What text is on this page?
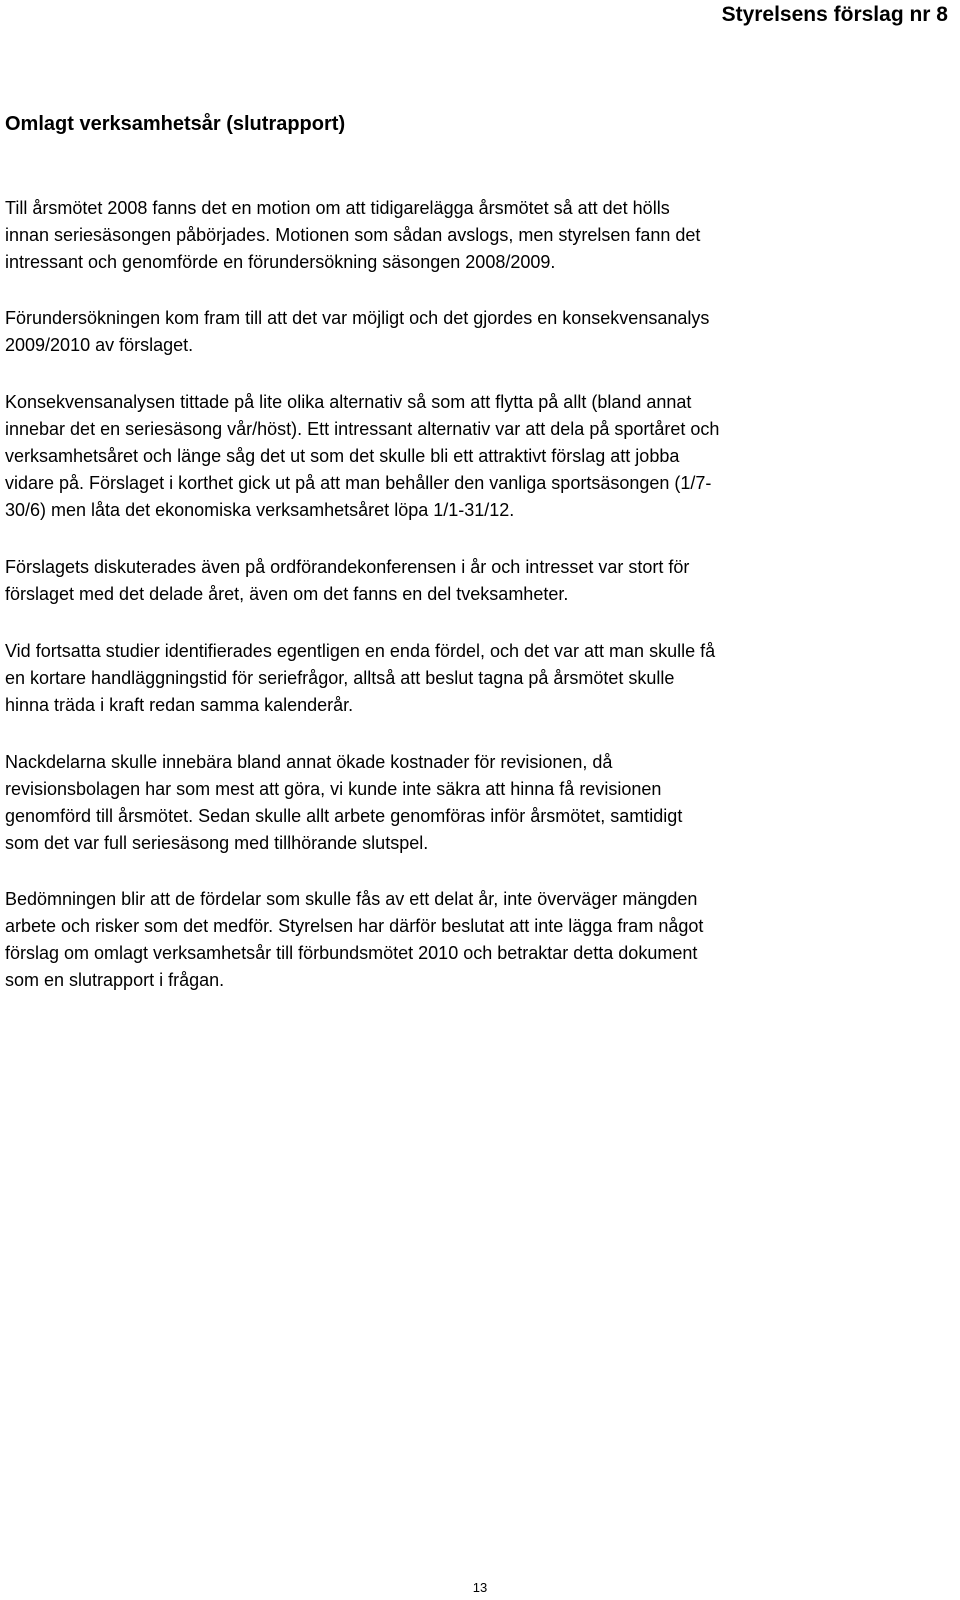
Styrelsens förslag nr 8
Omlagt verksamhetsår (slutrapport)
Till årsmötet 2008 fanns det en motion om att tidigarelägga årsmötet så att det hölls
innan seriesäsongen påbörjades. Motionen som sådan avslogs, men styrelsen fann det
intressant och genomförde en förundersökning säsongen 2008/2009.
Förundersökningen kom fram till att det var möjligt och det gjordes en konsekvensanalys
2009/2010 av förslaget.
Konsekvensanalysen tittade på lite olika alternativ så som att flytta på allt (bland annat
innebar det en seriesäsong vår/höst). Ett intressant alternativ var att dela på sportåret och
verksamhetsåret och länge såg det ut som det skulle bli ett attraktivt förslag att jobba
vidare på. Förslaget i korthet gick ut på att man behåller den vanliga sportsäsongen (1/7-
30/6) men låta det ekonomiska verksamhetsåret löpa 1/1-31/12.
Förslagets diskuterades även på ordförandekonferensen i år och intresset var stort för
förslaget med det delade året, även om det fanns en del tveksamheter.
Vid fortsatta studier identifierades egentligen en enda fördel, och det var att man skulle få
en kortare handläggningstid för seriefrågor, alltså att beslut tagna på årsmötet skulle
hinna träda i kraft redan samma kalenderår.
Nackdelarna skulle innebära bland annat ökade kostnader för revisionen, då
revisionsbolagen har som mest att göra, vi kunde inte säkra att hinna få revisionen
genomförd till årsmötet. Sedan skulle allt arbete genomföras inför årsmötet, samtidigt
som det var full seriesäsong med tillhörande slutspel.
Bedömningen blir att de fördelar som skulle fås av ett delat år, inte överväger mängden
arbete och risker som det medför. Styrelsen har därför beslutat att inte lägga fram något
förslag om omlagt verksamhetsår till förbundsmötet 2010 och betraktar detta dokument
som en slutrapport i frågan.
13
